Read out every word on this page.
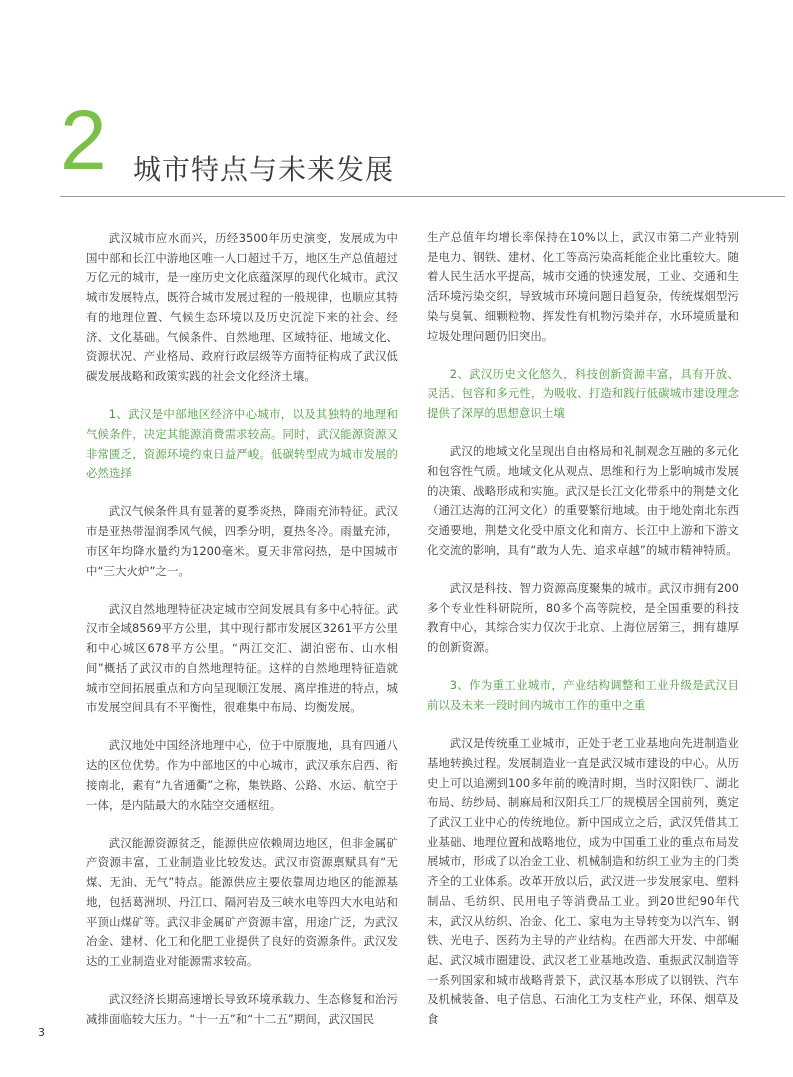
2 城市特点与未来发展

武汉城市应水而兴，历经3500年历史演变，发展成为中国中部和长江中游地区唯一人口超过千万，地区生产总值超过万亿元的城市，是一座历史文化底蕴深厚的现代化城市。武汉城市发展特点，既符合城市发展过程的一般规律，也顺应其特有的地理位置、气候生态环境以及历史沉淀下来的社会、经济、文化基础。气候条件、自然地理、区域特征、地域文化、资源状况、产业格局、政府行政层级等方面特征构成了武汉低碳发展战略和政策实践的社会文化经济土壤。

1、武汉是中部地区经济中心城市，以及其独特的地理和气候条件，决定其能源消费需求较高。同时，武汉能源资源又非常匮乏，资源环境约束日益严峻。低碳转型成为城市发展的必然选择

武汉气候条件具有显著的夏季炎热，降雨充沛特征。武汉市是亚热带湿润季风气候，四季分明，夏热冬冷。雨量充沛，市区年均降水量约为1200毫米。夏天非常闷热，是中国城市中“三大火炉”之一。

武汉自然地理特征决定城市空间发展具有多中心特征。武汉市全域8569平方公里，其中现行都市发展区3261平方公里和中心城区678平方公里。“两江交汇、湖泊密布、山水相间”概括了武汉市的自然地理特征。这样的自然地理特征造就城市空间拓展重点和方向呈现顺江发展、离岸推进的特点，城市发展空间具有不平衡性，很难集中布局、均衡发展。

武汉地处中国经济地理中心，位于中原腹地，具有四通八达的区位优势。作为中部地区的中心城市，武汉承东启西、衔接南北，素有“九省通衢”之称，集铁路、公路、水运、航空于一体，是内陆最大的水陆空交通枢纽。

武汉能源资源贫乏，能源供应依赖周边地区，但非金属矿产资源丰富，工业制造业比较发达。武汉市资源禀赋具有“无煤、无油、无气”特点。能源供应主要依靠周边地区的能源基地，包括葛洲坝、丹江口、隔河岩及三峡水电等四大水电站和平顶山煤矿等。武汉非金属矿产资源丰富，用途广泛，为武汉冶金、建材、化工和化肥工业提供了良好的资源条件。武汉发达的工业制造业对能源需求较高。

武汉经济长期高速增长导致环境承载力、生态修复和治污减排面临较大压力。“十一五”和“十二五”期间，武汉国民

生产总值年均增长率保持在10%以上，武汉市第二产业特别是电力、钢铁、建材、化工等高污染高耗能企业比重较大。随着人民生活水平提高，城市交通的快速发展，工业、交通和生活环境污染交织，导致城市环境问题日趋复杂，传统煤烟型污染与臭氧、细颗粒物、挥发性有机物污染并存，水环境质量和垃圾处理问题仍旧突出。

2、武汉历史文化悠久，科技创新资源丰富，具有开放、灵活、包容和多元性，为吸收、打造和践行低碳城市建设理念提供了深厚的思想意识土壤

武汉的地域文化呈现出自由格局和礼制观念互融的多元化和包容性气质。地域文化从观点、思维和行为上影响城市发展的决策、战略形成和实施。武汉是长江文化带系中的荆楚文化（通江达海的江河文化）的重要繁衍地域。由于地处南北东西交通要地，荆楚文化受中原文化和南方、长江中上游和下游文化交流的影响，具有“敢为人先、追求卓越”的城市精神特质。

武汉是科技、智力资源高度聚集的城市。武汉市拥有200多个专业性科研院所，80多个高等院校，是全国重要的科技教育中心，其综合实力仅次于北京、上海位居第三，拥有雄厚的创新资源。

3、作为重工业城市，产业结构调整和工业升级是武汉目前以及未来一段时间内城市工作的重中之重

武汉是传统重工业城市，正处于老工业基地向先进制造业基地转换过程。发展制造业一直是武汉城市建设的中心。从历史上可以追溯到100多年前的晚清时期，当时汉阳铁厂、湖北布局、纺纱局、制麻局和汉阳兵工厂的规模居全国前列，奠定了武汉工业中心的传统地位。新中国成立之后，武汉凭借其工业基础、地理位置和战略地位，成为中国重工业的重点布局发展城市，形成了以冶金工业、机械制造和纺织工业为主的门类齐全的工业体系。改革开放以后，武汉进一步发展家电、塑料制品、毛纺织、民用电子等消费品工业。到20世纪90年代末，武汉从纺织、冶金、化工、家电为主导转变为以汽车、钢铁、光电子、医药为主导的产业结构。在西部大开发、中部崛起、武汉城市圈建设、武汉老工业基地改造、重振武汉制造等一系列国家和城市战略背景下，武汉基本形成了以钢铁、汽车及机械装备、电子信息、石油化工为支柱产业，环保、烟草及食

3
